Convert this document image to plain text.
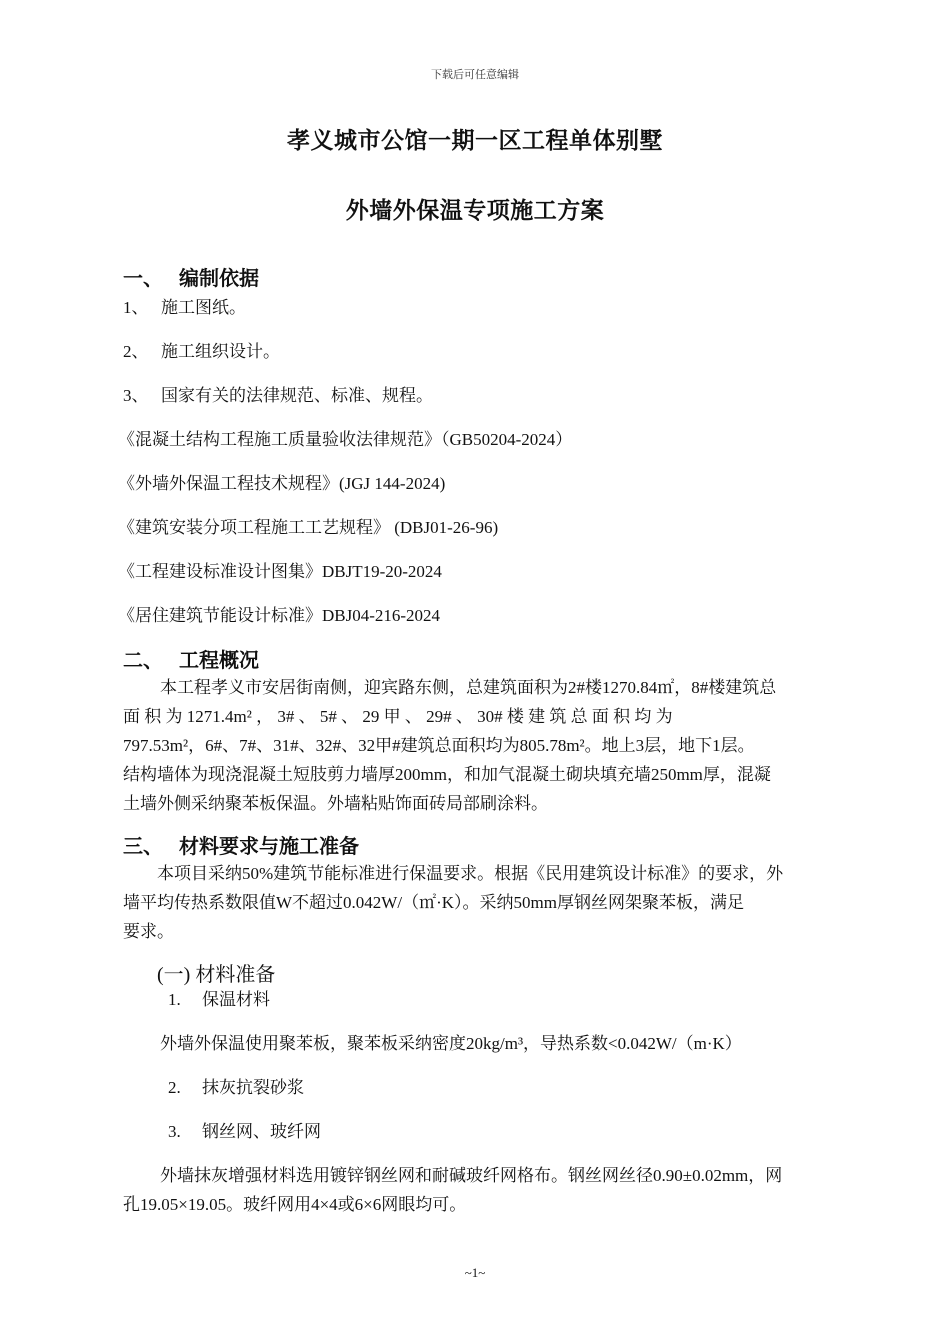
下载后可任意编辑
孝义城市公馆一期一区工程单体别墅
外墙外保温专项施工方案
一、 编制依据
1、 施工图纸。
2、 施工组织设计。
3、 国家有关的法律规范、标准、规程。
《混凝土结构工程施工质量验收法律规范》（GB50204-2024）
《外墙外保温工程技术规程》(JGJ 144-2024)
《建筑安装分项工程施工工艺规程》 (DBJ01-26-96)
《工程建设标准设计图集》DBJT19-20-2024
《居住建筑节能设计标准》DBJ04-216-2024
二、 工程概况
本工程孝义市安居街南侧，迎宾路东侧，总建筑面积为2#楼1270.84㎡，8#楼建筑总
面 积 为 1271.4m² ， 3# 、 5# 、 29 甲 、 29# 、 30# 楼 建 筑 总 面 积 均 为
797.53m²，6#、7#、31#、32#、32甲#建筑总面积均为805.78m²。地上3层，地下1层。
结构墙体为现浇混凝土短肢剪力墙厚200mm，和加气混凝土砌块填充墙250mm厚，混凝
土墙外侧采纳聚苯板保温。外墙粘贴饰面砖局部刷涂料。
三、 材料要求与施工准备
本项目采纳50%建筑节能标准进行保温要求。根据《民用建筑设计标准》的要求，外
墙平均传热系数限值W不超过0.042W/（㎡·K）。采纳50mm厚钢丝网架聚苯板，满足
要求。
(一) 材料准备
1. 保温材料
外墙外保温使用聚苯板，聚苯板采纳密度20kg/m³，导热系数<0.042W/（m·K）
2. 抹灰抗裂砂浆
3. 钢丝网、玻纤网
外墙抹灰增强材料选用镀锌钢丝网和耐碱玻纤网格布。钢丝网丝径0.90±0.02mm，网
孔19.05×19.05。玻纤网用4×4或6×6网眼均可。
~1~
